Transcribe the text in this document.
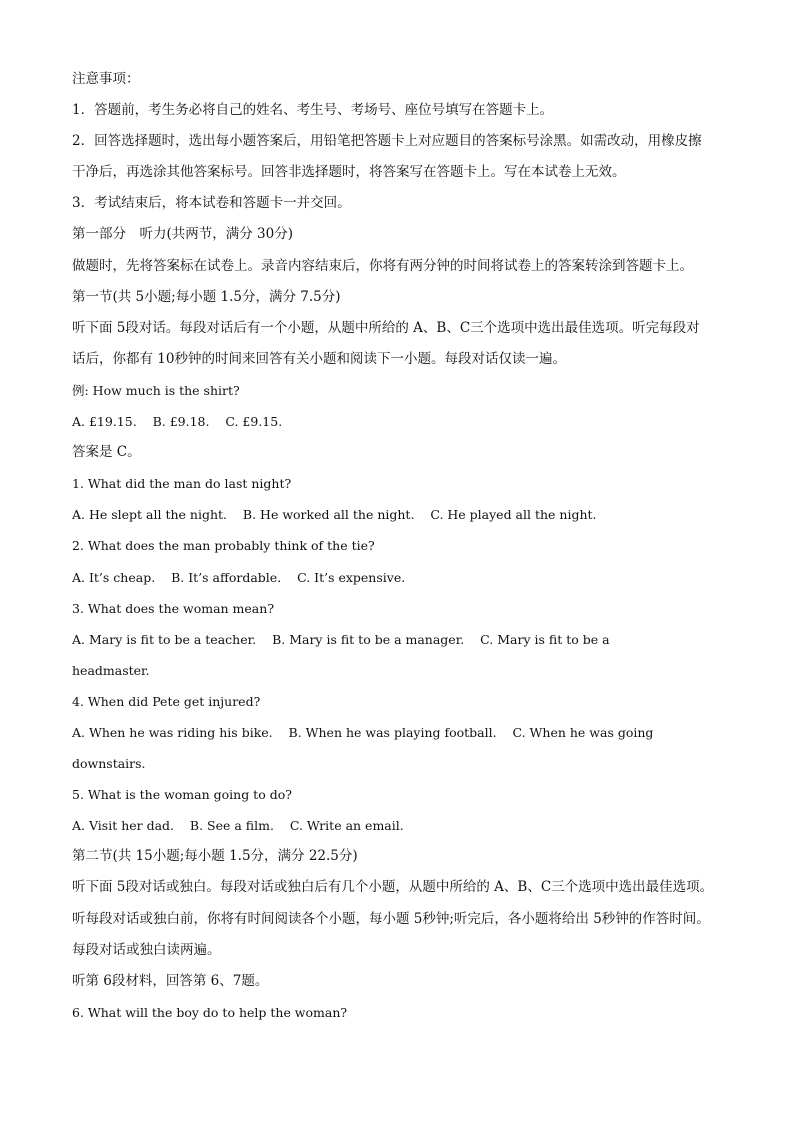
注意事项：
1．答题前，考生务必将自己的姓名、考生号、考场号、座位号填写在答题卡上。
2．回答选择题时，选出每小题答案后，用铅笔把答题卡上对应题目的答案标号涂黑。如需改动，用橡皮擦
干净后，再选涂其他答案标号。回答非选择题时，将答案写在答题卡上。写在本试卷上无效。
3．考试结束后，将本试卷和答题卡一并交回。
第一部分　听力(共两节，满分 30分)
做题时，先将答案标在试卷上。录音内容结束后，你将有两分钟的时间将试卷上的答案转涂到答题卡上。
第一节(共 5小题;每小题 1.5分，满分 7.5分)
听下面 5段对话。每段对话后有一个小题，从题中所给的 A、B、C三个选项中选出最佳选项。听完每段对
话后，你都有 10秒钟的时间来回答有关小题和阅读下一小题。每段对话仅读一遍。
例: How much is the shirt?
A. £19.15.    B. £9.18.    C. £9.15.
答案是 C。
1. What did the man do last night?
A. He slept all the night.    B. He worked all the night.    C. He played all the night.
2. What does the man probably think of the tie?
A. It’s cheap.    B. It’s affordable.    C. It’s expensive.
3. What does the woman mean?
A. Mary is fit to be a teacher.    B. Mary is fit to be a manager.    C. Mary is fit to be a
headmaster.
4. When did Pete get injured?
A. When he was riding his bike.    B. When he was playing football.    C. When he was going
downstairs.
5. What is the woman going to do?
A. Visit her dad.    B. See a film.    C. Write an email.
第二节(共 15小题;每小题 1.5分，满分 22.5分)
听下面 5段对话或独白。每段对话或独白后有几个小题，从题中所给的 A、B、C三个选项中选出最佳选项。
听每段对话或独白前，你将有时间阅读各个小题，每小题 5秒钟;听完后，各小题将给出 5秒钟的作答时间。
每段对话或独白读两遍。
听第 6段材料，回答第 6、7题。
6. What will the boy do to help the woman?
